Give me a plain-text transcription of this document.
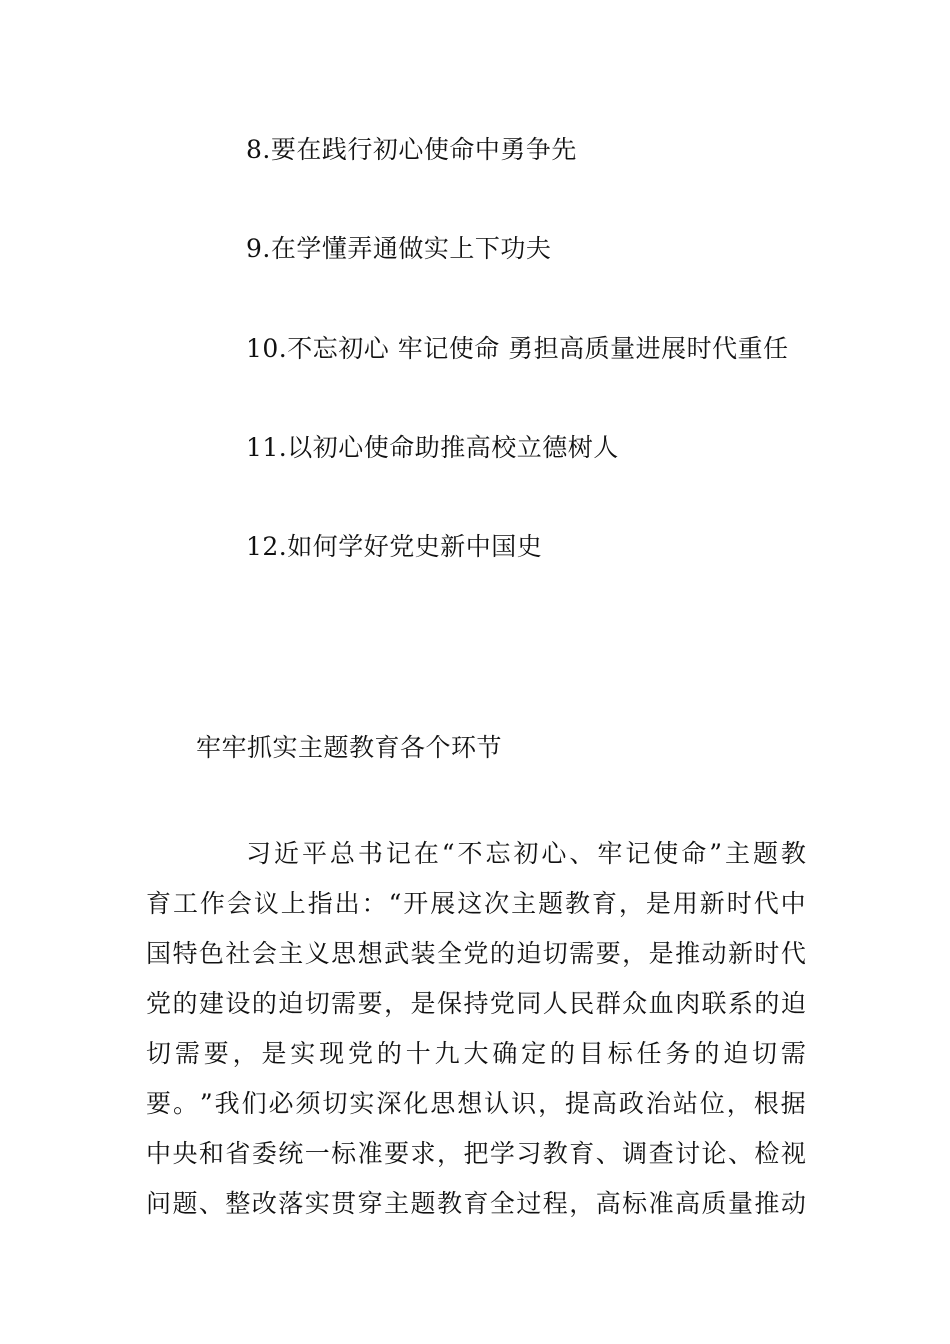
8.要在践行初心使命中勇争先
9.在学懂弄通做实上下功夫
10.不忘初心 牢记使命 勇担高质量进展时代重任
11.以初心使命助推高校立德树人
12.如何学好党史新中国史
牢牢抓实主题教育各个环节
习 近 平 总 书 记 在 “ 不 忘 初 心 、 牢 记 使 命 ” 主 题 教
育 工 作 会 议 上 指 出 ： “ 开 展 这 次 主 题 教 育 ， 是 用 新 时 代 中
国 特 色 社 会 主 义 思 想 武 装 全 党 的 迫 切 需 要 ， 是 推 动 新 时 代
党 的 建 设 的 迫 切 需 要 ， 是 保 持 党 同 人 民 群 众 血 肉 联 系 的 迫
切 需 要 ， 是 实 现 党 的 十 九 大 确 定 的 目 标 任 务 的 迫 切 需
要 。 ” 我 们 必 须 切 实 深 化 思 想 认 识 ， 提 高 政 治 站 位 ， 根 据
中 央 和 省 委 统 一 标 准 要 求 ， 把 学 习 教 育 、 调 查 讨 论 、 检 视
问 题 、 整 改 落 实 贯 穿 主 题 教 育 全 过 程 ， 高 标 准 高 质 量 推 动
